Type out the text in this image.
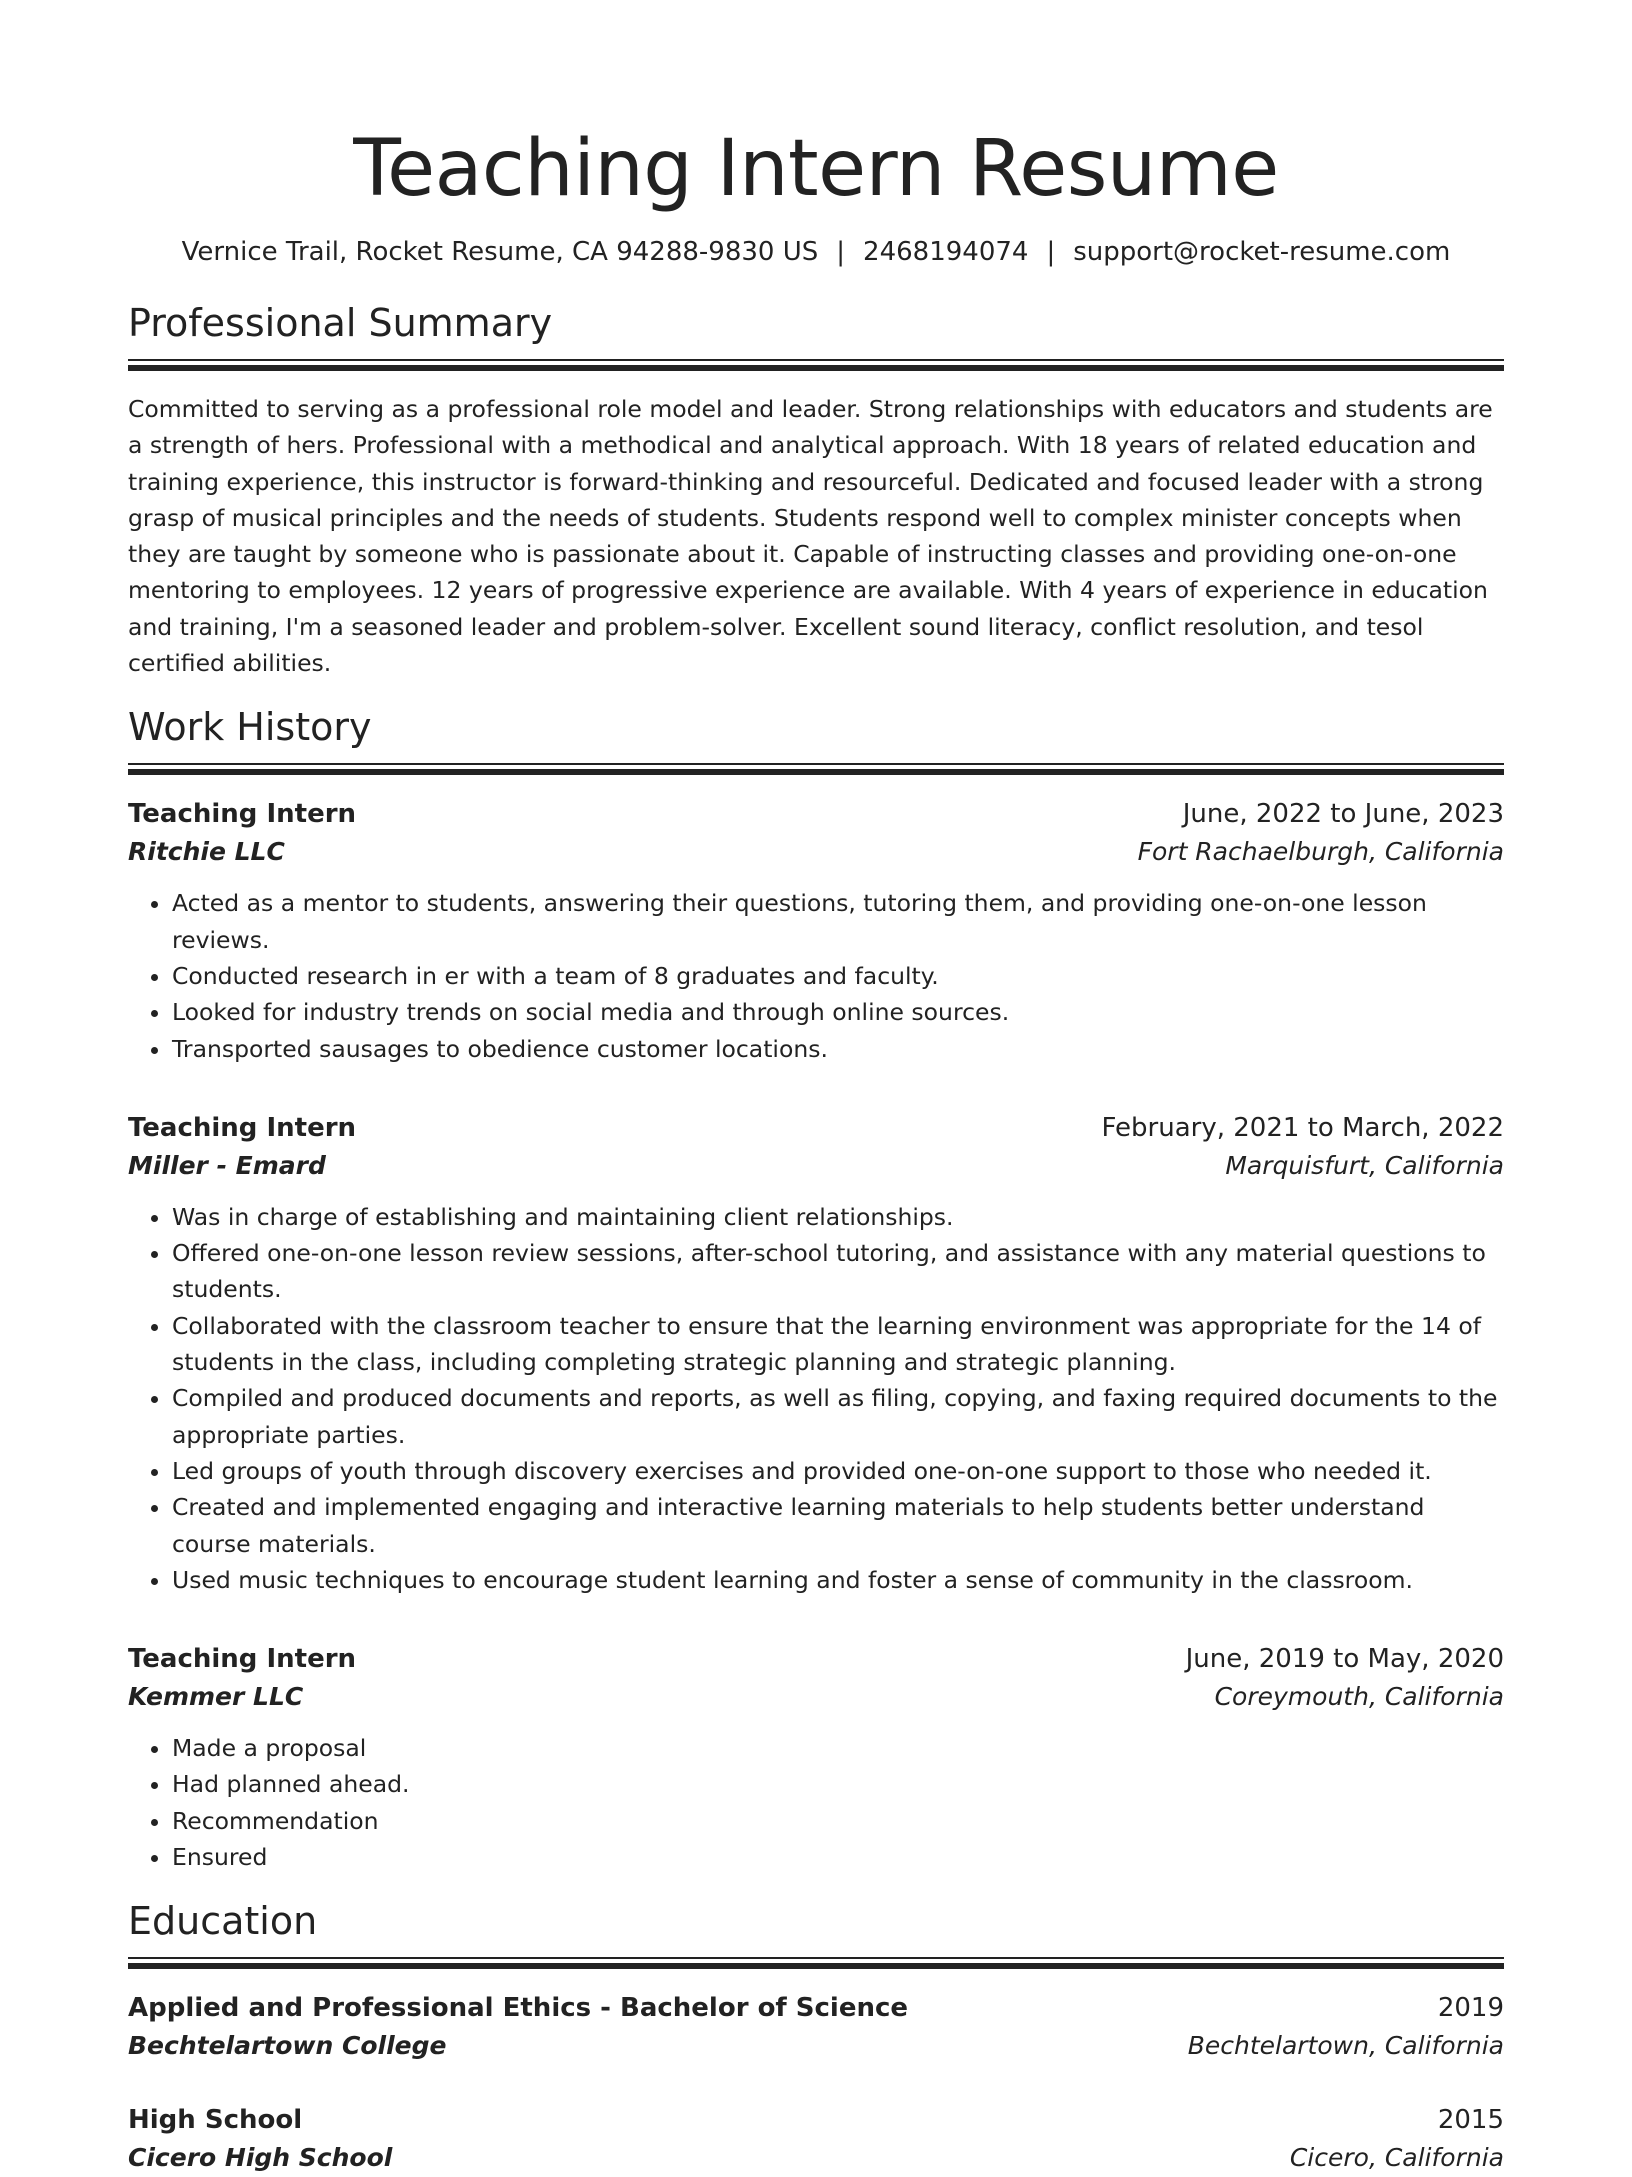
Teaching Intern Resume
Vernice Trail, Rocket Resume, CA 94288-9830 US | 2468194074 | support@rocket-resume.com
Professional Summary
Committed to serving as a professional role model and leader. Strong relationships with educators and students are a strength of hers. Professional with a methodical and analytical approach. With 18 years of related education and training experience, this instructor is forward-thinking and resourceful. Dedicated and focused leader with a strong grasp of musical principles and the needs of students. Students respond well to complex minister concepts when they are taught by someone who is passionate about it. Capable of instructing classes and providing one-on-one mentoring to employees. 12 years of progressive experience are available. With 4 years of experience in education and training, I'm a seasoned leader and problem-solver. Excellent sound literacy, conflict resolution, and tesol certified abilities.
Work History
Teaching Intern	June, 2022 to June, 2023
Ritchie LLC	Fort Rachaelburgh, California
• Acted as a mentor to students, answering their questions, tutoring them, and providing one-on-one lesson reviews.
• Conducted research in er with a team of 8 graduates and faculty.
• Looked for industry trends on social media and through online sources.
• Transported sausages to obedience customer locations.
Teaching Intern	February, 2021 to March, 2022
Miller - Emard	Marquisfurt, California
• Was in charge of establishing and maintaining client relationships.
• Offered one-on-one lesson review sessions, after-school tutoring, and assistance with any material questions to students.
• Collaborated with the classroom teacher to ensure that the learning environment was appropriate for the 14 of students in the class, including completing strategic planning and strategic planning.
• Compiled and produced documents and reports, as well as filing, copying, and faxing required documents to the appropriate parties.
• Led groups of youth through discovery exercises and provided one-on-one support to those who needed it.
• Created and implemented engaging and interactive learning materials to help students better understand course materials.
• Used music techniques to encourage student learning and foster a sense of community in the classroom.
Teaching Intern	June, 2019 to May, 2020
Kemmer LLC	Coreymouth, California
• Made a proposal
• Had planned ahead.
• Recommendation
• Ensured
Education
Applied and Professional Ethics - Bachelor of Science	2019
Bechtelartown College	Bechtelartown, California
High School	2015
Cicero High School	Cicero, California
